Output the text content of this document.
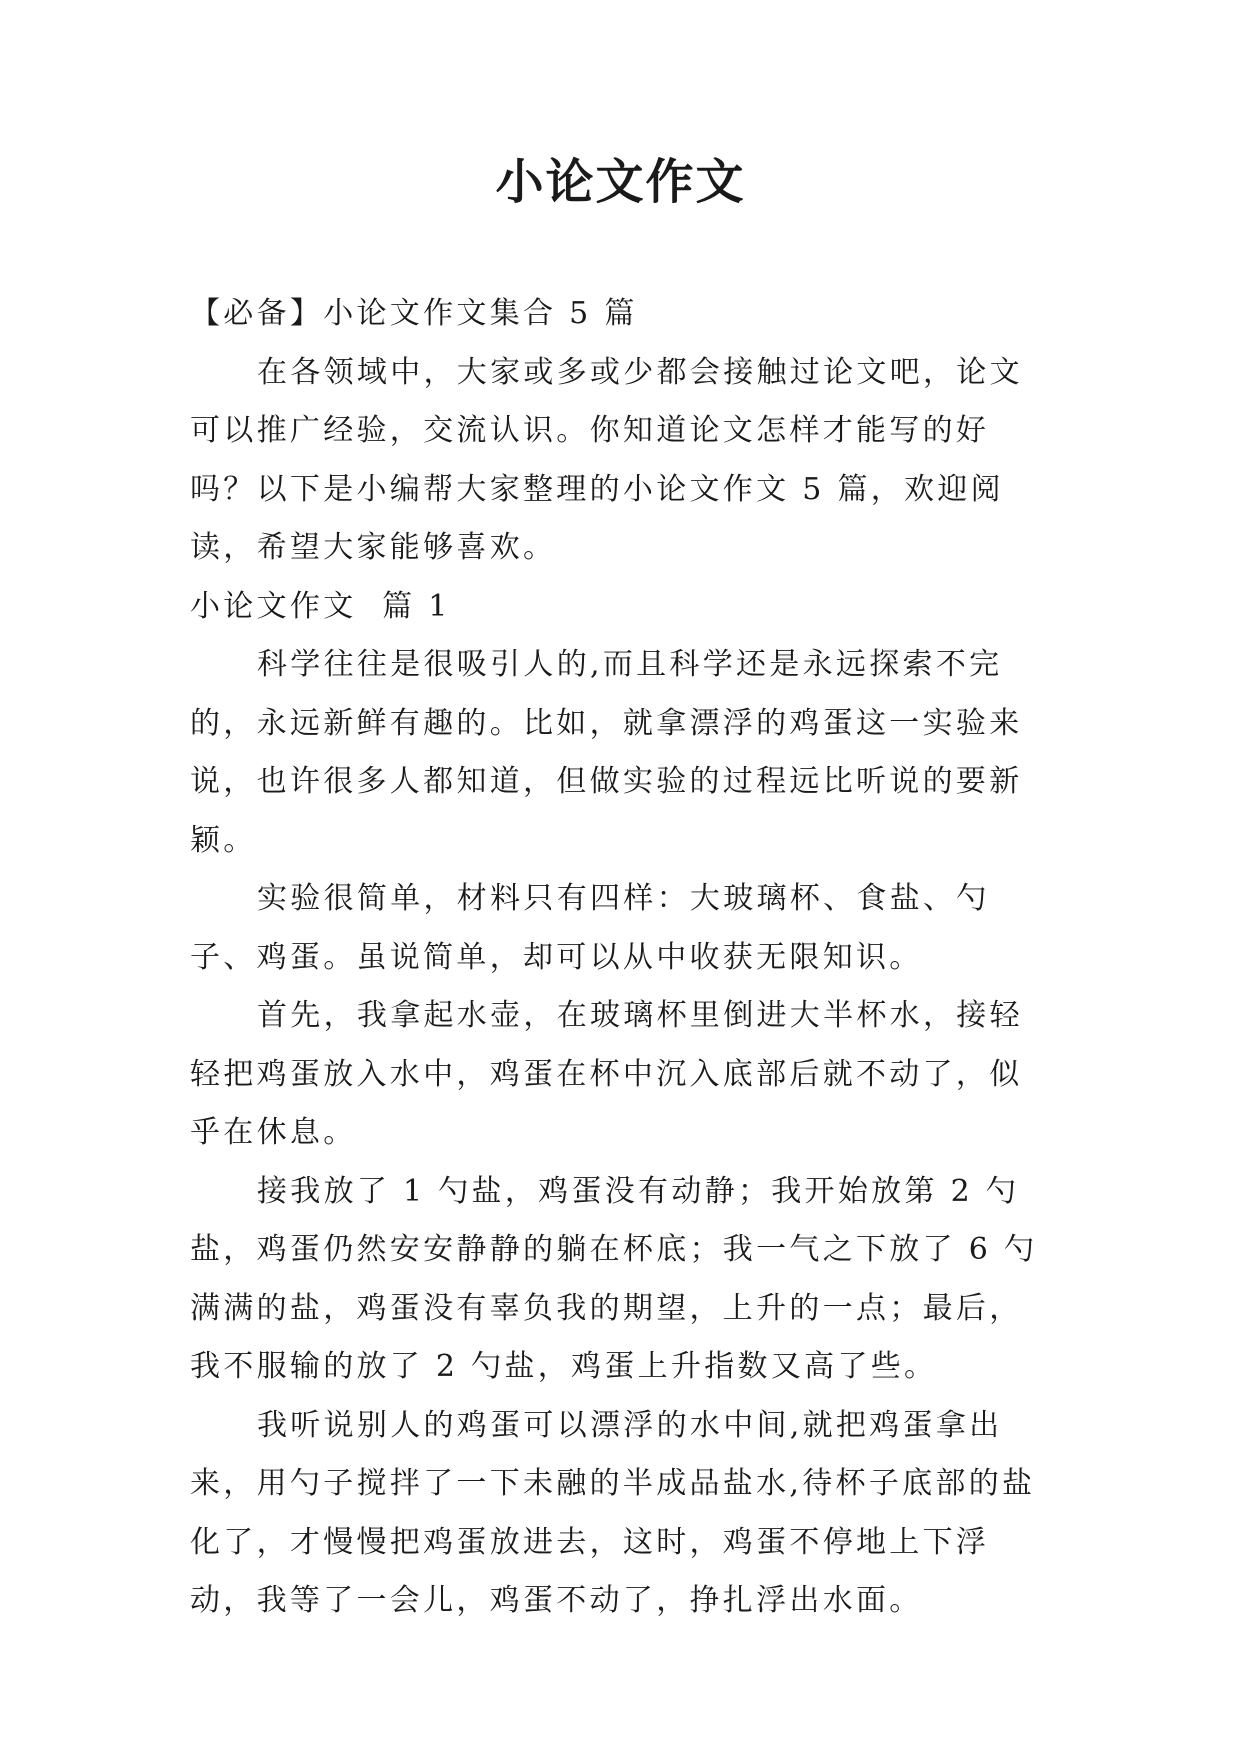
小论文作文

【必备】小论文作文集合 5 篇

在各领域中，大家或多或少都会接触过论文吧，论文可以推广经验，交流认识。你知道论文怎样才能写的好吗？以下是小编帮大家整理的小论文作文 5 篇，欢迎阅读，希望大家能够喜欢。

小论文作文  篇 1

科学往往是很吸引人的,而且科学还是永远探索不完的，永远新鲜有趣的。比如，就拿漂浮的鸡蛋这一实验来说，也许很多人都知道，但做实验的过程远比听说的要新颖。

实验很简单，材料只有四样：大玻璃杯、食盐、勺子、鸡蛋。虽说简单，却可以从中收获无限知识。

首先，我拿起水壶，在玻璃杯里倒进大半杯水，接轻轻把鸡蛋放入水中，鸡蛋在杯中沉入底部后就不动了，似乎在休息。

接我放了 1 勺盐，鸡蛋没有动静；我开始放第 2 勺盐，鸡蛋仍然安安静静的躺在杯底；我一气之下放了 6 勺满满的盐，鸡蛋没有辜负我的期望，上升的一点；最后，我不服输的放了 2 勺盐，鸡蛋上升指数又高了些。

我听说别人的鸡蛋可以漂浮的水中间,就把鸡蛋拿出来，用勺子搅拌了一下未融的半成品盐水,待杯子底部的盐化了，才慢慢把鸡蛋放进去，这时，鸡蛋不停地上下浮动，我等了一会儿，鸡蛋不动了，挣扎浮出水面。
